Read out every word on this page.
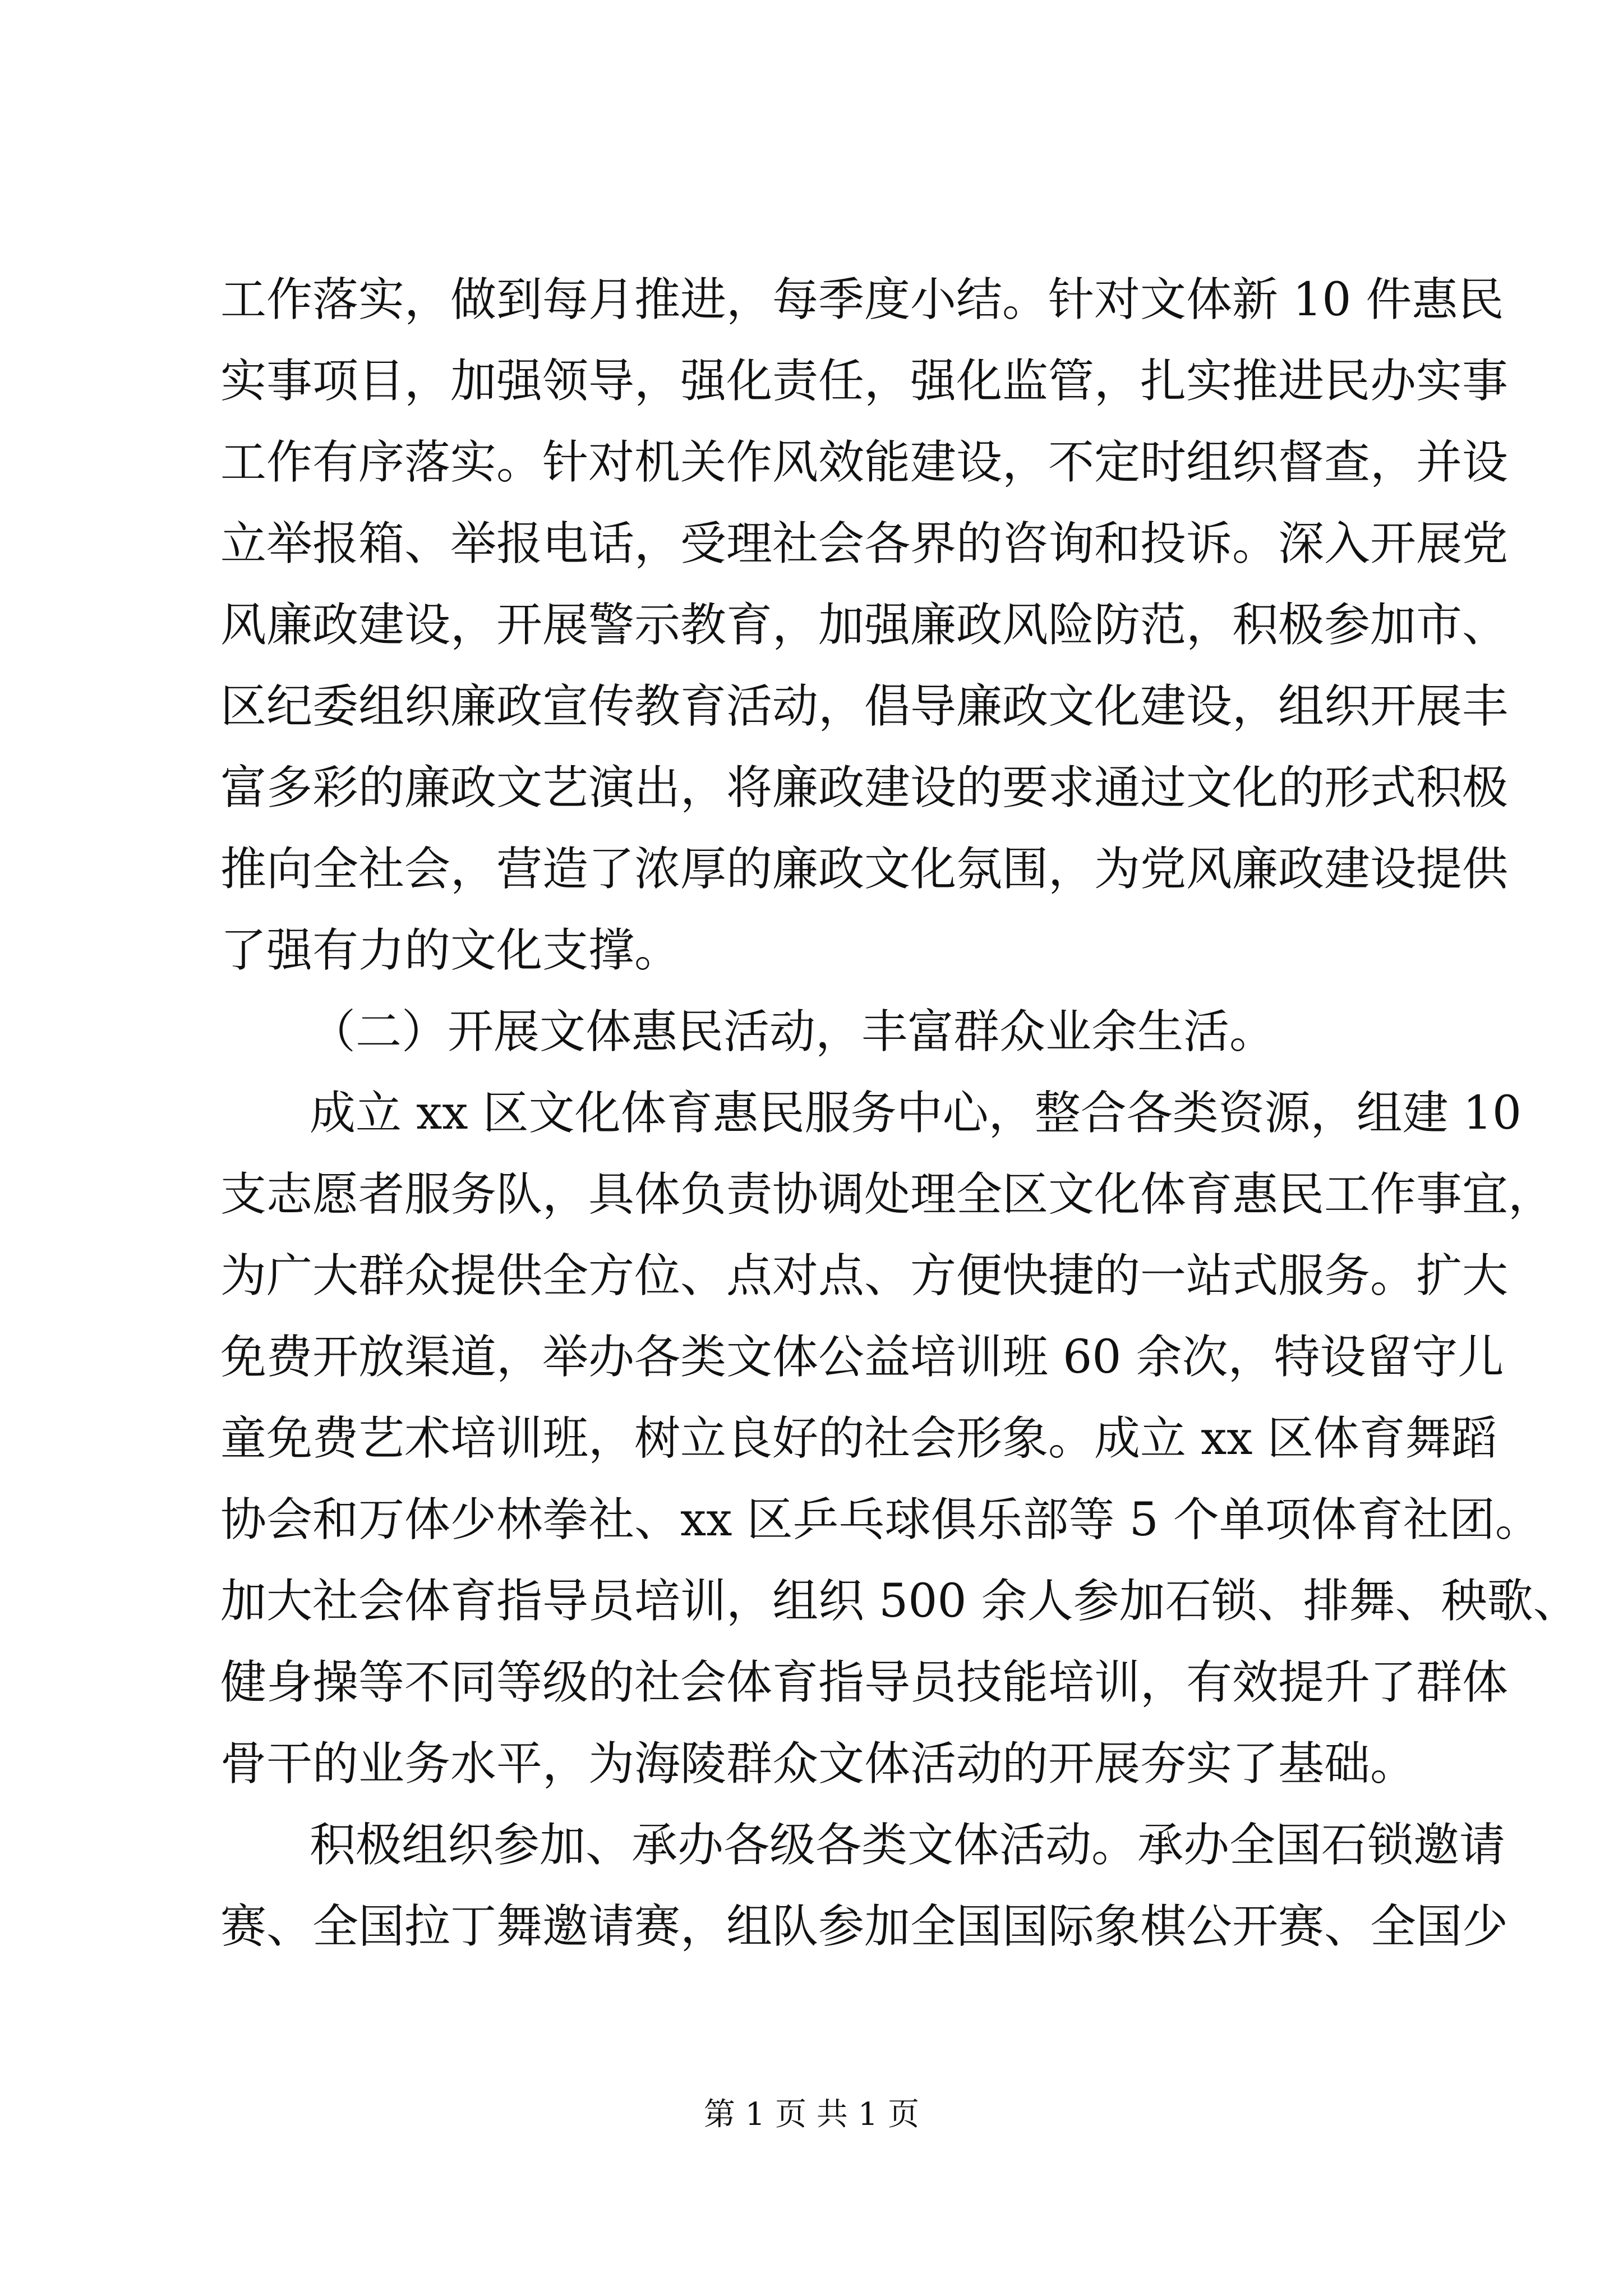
工作落实，做到每月推进，每季度小结。针对文体新 10 件惠民

实事项目，加强领导，强化责任，强化监管，扎实推进民办实事

工作有序落实。针对机关作风效能建设，不定时组织督查，并设

立举报箱、举报电话，受理社会各界的咨询和投诉。深入开展党

风廉政建设，开展警示教育，加强廉政风险防范，积极参加市、

区纪委组织廉政宣传教育活动，倡导廉政文化建设，组织开展丰

富多彩的廉政文艺演出，将廉政建设的要求通过文化的形式积极

推向全社会，营造了浓厚的廉政文化氛围，为党风廉政建设提供

了强有力的文化支撑。

（二）开展文体惠民活动，丰富群众业余生活。

成立 xx 区文化体育惠民服务中心，整合各类资源，组建 10

支志愿者服务队，具体负责协调处理全区文化体育惠民工作事宜，

为广大群众提供全方位、点对点、方便快捷的一站式服务。扩大

免费开放渠道，举办各类文体公益培训班 60 余次，特设留守儿

童免费艺术培训班，树立良好的社会形象。成立 xx 区体育舞蹈

协会和万体少林拳社、xx 区乒乓球俱乐部等 5 个单项体育社团。

加大社会体育指导员培训，组织 500 余人参加石锁、排舞、秧歌、

健身操等不同等级的社会体育指导员技能培训，有效提升了群体

骨干的业务水平，为海陵群众文体活动的开展夯实了基础。

积极组织参加、承办各级各类文体活动。承办全国石锁邀请

赛、全国拉丁舞邀请赛，组队参加全国国际象棋公开赛、全国少

第 1 页 共 1 页
